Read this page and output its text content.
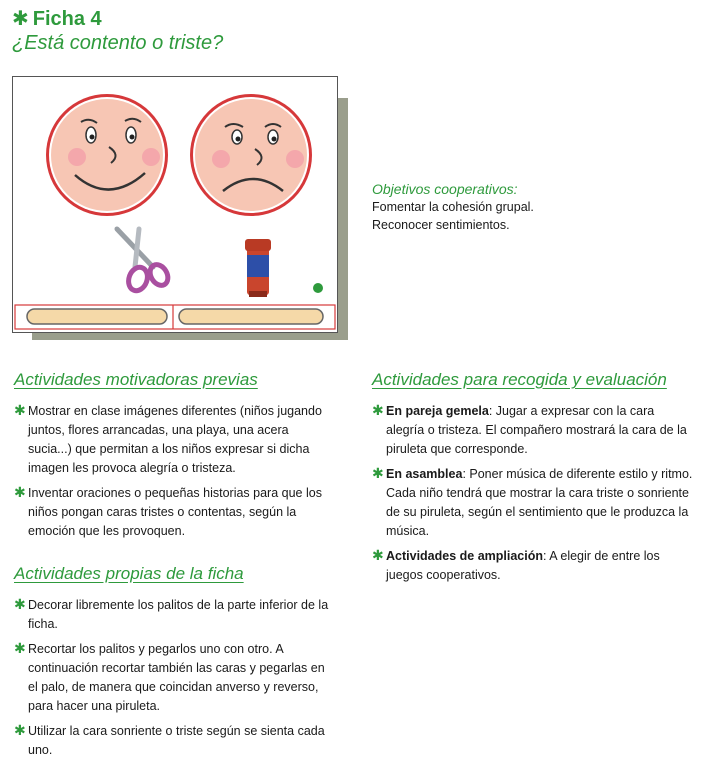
✱ Ficha 4
¿Está contento o triste?
Objetivos cooperativos:
Fomentar la cohesión grupal.
Reconocer sentimientos.
Actividades motivadoras previas
✱ Mostrar en clase imágenes diferentes (niños jugando juntos, flores arrancadas, una playa, una acera sucia...) que permitan a los niños expresar si dicha imagen les provoca alegría o tristeza.
✱ Inventar oraciones o pequeñas historias para que los niños pongan caras tristes o contentas, según la emoción que les provoquen.
Actividades propias de la ficha
✱ Decorar libremente los palitos de la parte inferior de la ficha.
✱ Recortar los palitos y pegarlos uno con otro. A continuación recortar también las caras y pegarlas en el palo, de manera que coincidan anverso y reverso, para hacer una piruleta.
✱ Utilizar la cara sonriente o triste según se sienta cada uno.
Actividades para recogida y evaluación
✱ En pareja gemela: Jugar a expresar con la cara alegría o tristeza. El compañero mostrará la cara de la piruleta que corresponde.
✱ En asamblea: Poner música de diferente estilo y ritmo. Cada niño tendrá que mostrar la cara triste o sonriente de su piruleta, según el sentimiento que le produzca la música.
✱ Actividades de ampliación: A elegir de entre los juegos cooperativos.
